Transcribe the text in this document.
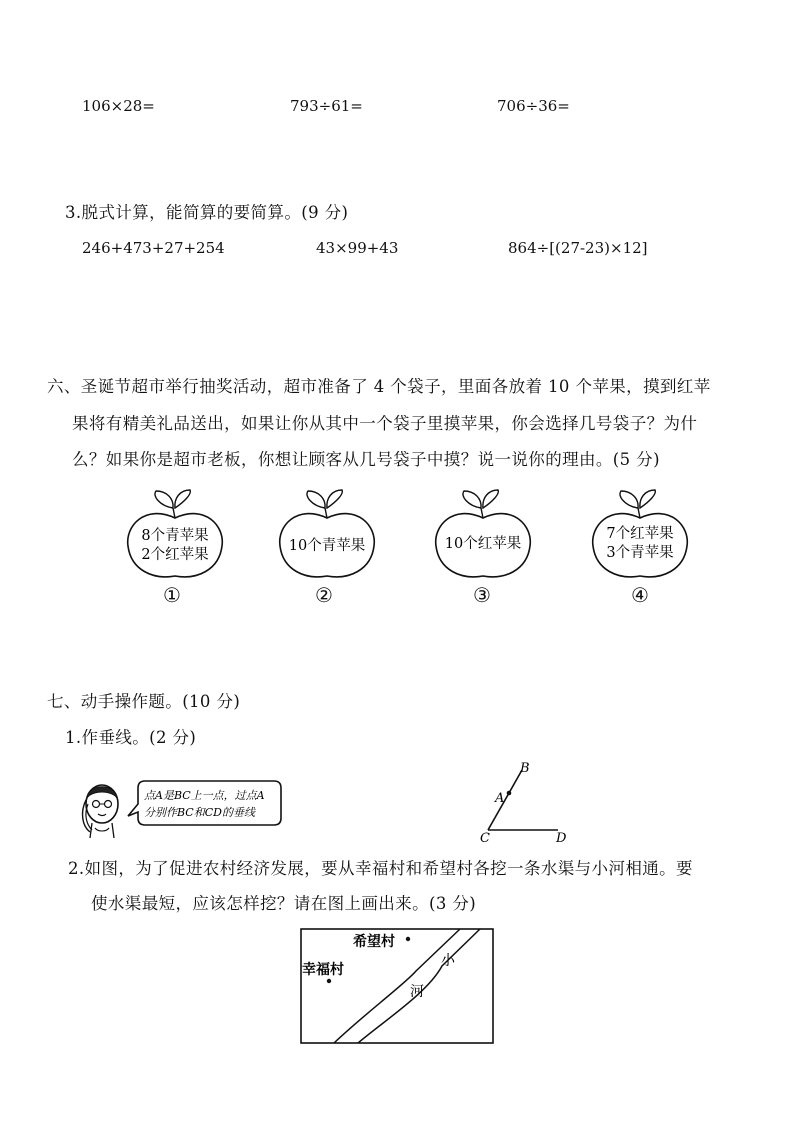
106×28=	793÷61=	706÷36=
3.脱式计算，能简算的要简算。(9 分)
246+473+27+254	43×99+43	864÷[(27-23)×12]
六、圣诞节超市举行抽奖活动，超市准备了 4 个袋子，里面各放着 10 个苹果，摸到红苹
果将有精美礼品送出，如果让你从其中一个袋子里摸苹果，你会选择几号袋子？为什
么？如果你是超市老板，你想让顾客从几号袋子中摸？说一说你的理由。(5 分)
8个青苹果
2个红苹果
10个青苹果	10个红苹果
7个红苹果
3个青苹果
①	②	③	④
七、动手操作题。(10 分)
1.作垂线。(2 分)
点A是BC上一点，过点A
分别作BC和CD的垂线
B
A
C	D
2.如图，为了促进农村经济发展，要从幸福村和希望村各挖一条水渠与小河相通。要
使水渠最短，应该怎样挖？请在图上画出来。(3 分)
希望村
幸福村
小
河
